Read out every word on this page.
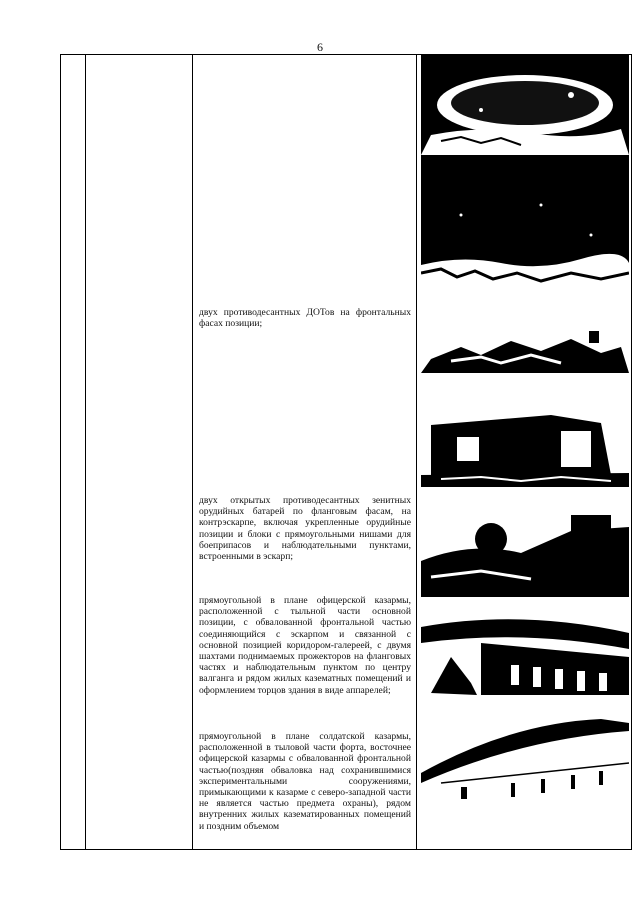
6
двух противодесантных ДОТов на фронтальных фасах позиции;
двух открытых противодесантных зенитных орудийных батарей по фланговым фасам, на контрэскарпе, включая укрепленные орудийные позиции и блоки с прямоугольными нишами для боеприпасов и наблюдательными пунктами, встроенными в эскарп;
прямоугольной в плане офицерской казармы, расположенной с тыльной части основной позиции, с обвалованной фронтальной частью соединяющийся с эскарпом и связанной с основной позицией коридором-галереей, с двумя шахтами поднимаемых прожекторов на фланговых частях и наблюдательным пунктом по центру валганга и рядом жилых казематных помещений и оформлением торцов здания в виде аппарелей;
прямоугольной в плане солдатской казармы, расположенной в тыловой части форта, восточнее офицерской казармы с обвалованной фронтальной частью(поздняя обваловка над сохранившимися экспериментальными сооружениями, примыкающими к казарме с северо-западной части не является частью предмета охраны), рядом внутренних жилых казематированных помещений и поздним объемом
